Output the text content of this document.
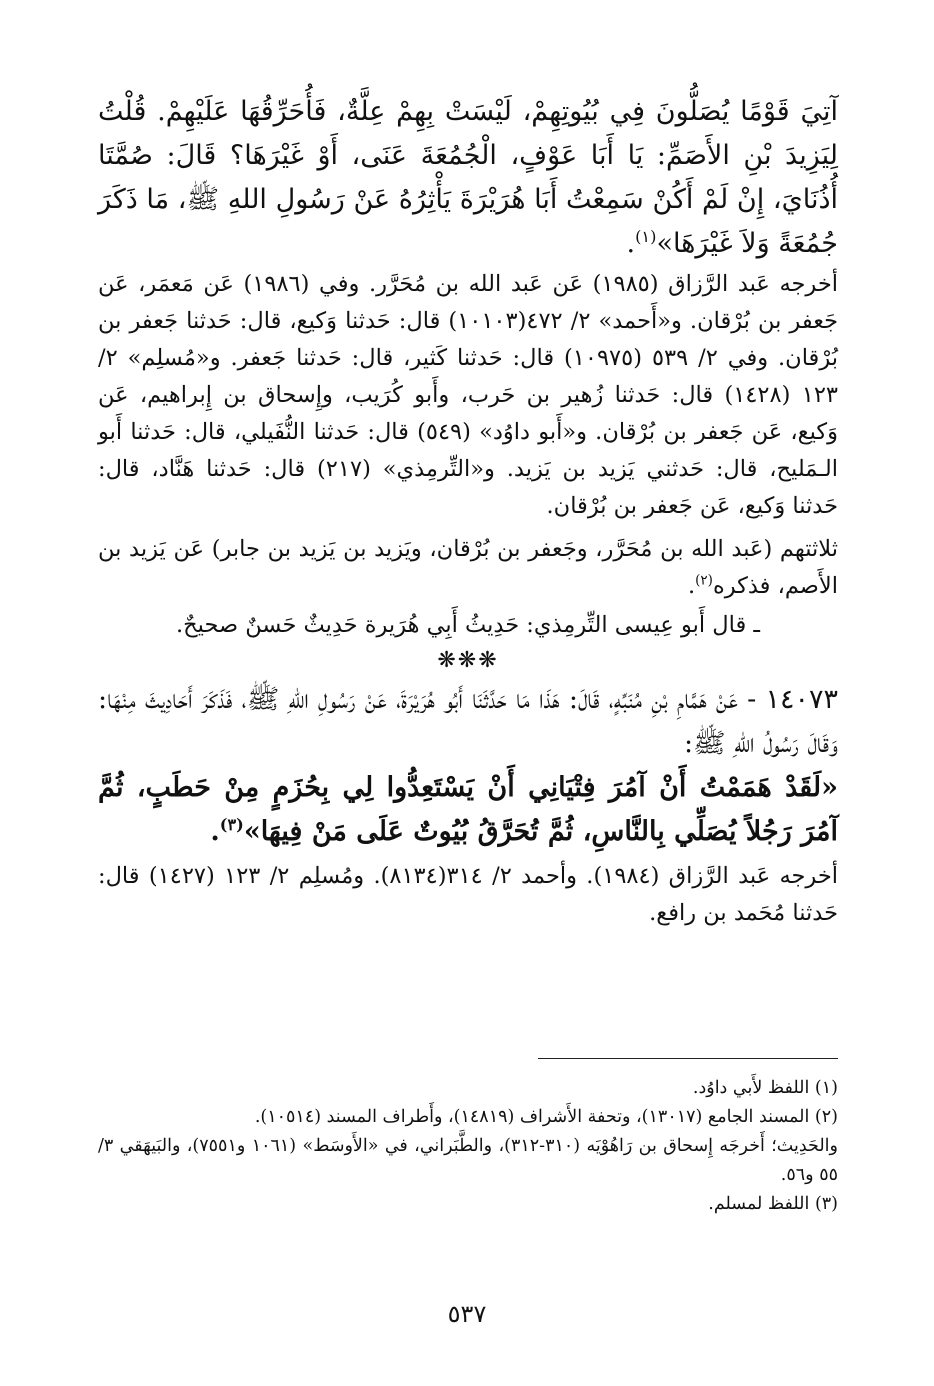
آتِيَ قَوْمًا يُصَلُّونَ فِي بُيُوتِهِمْ، لَيْسَتْ بِهِمْ عِلَّةٌ، فَأُحَرِّقُهَا عَلَيْهِمْ. قُلْتُ لِيَزِيدَ بْنِ الأَصَمِّ: يَا أَبَا عَوْفٍ، الْجُمُعَةَ عَنَى، أَوْ غَيْرَهَا؟ قَالَ: صُمَّتَا أُذُنَايَ، إِنْ لَمْ أَكُنْ سَمِعْتُ أَبَا هُرَيْرَةَ يَأْثِرُهُ عَنْ رَسُولِ اللهِ ﷺ، مَا ذَكَرَ جُمُعَةً وَلاَ غَيْرَهَا»$^{(١)}$.

أخرجه عَبد الرَّزاق (١٩٨٥) عَن عَبد الله بن مُحَرَّر. وفي (١٩٨٦) عَن مَعمَر، عَن جَعفر بن بُرْقان. و«أَحمد» ٢/ ٤٧٢(١٠١٠٣) قال: حَدثنا وَكيع، قال: حَدثنا جَعفر بن بُرْقان. وفي ٢/ ٥٣٩ (١٠٩٧٥) قال: حَدثنا كَثير، قال: حَدثنا جَعفر. و«مُسلِم» ٢/ ١٢٣ (١٤٢٨) قال: حَدثنا زُهير بن حَرب، وأَبو كُرَيب، وإِسحاق بن إِبراهيم، عَن وَكيع، عَن جَعفر بن بُرْقان. و«أَبو داوُد» (٥٤٩) قال: حَدثنا النُّفَيلي، قال: حَدثنا أَبو الـمَليح، قال: حَدثني يَزيد بن يَزيد. و«التِّرمِذي» (٢١٧) قال: حَدثنا هَنَّاد، قال: حَدثنا وَكيع، عَن جَعفر بن بُرْقان.

ثلاثتهم (عَبد الله بن مُحَرَّر، وجَعفر بن بُرْقان، ويَزيد بن يَزيد بن جابر) عَن يَزيد بن الأَصم، فذكره$^{(٢)}$.

ـ قال أَبو عِيسى التِّرمِذي: حَدِيثُ أَبِي هُرَيرة حَدِيثٌ حَسنٌ صحيحٌ.

❋❋❋

١٤٠٧٣ - عَنْ هَمَّامِ بْنِ مُنَبِّهٍ، قَالَ: هَذَا مَا حَدَّثَنَا أَبُو هُرَيْرَةَ، عَنْ رَسُولِ اللهِ ﷺ، فَذَكَرَ أَحَادِيثَ مِنْهَا: وَقَالَ رَسُولُ اللهِ ﷺ:

«لَقَدْ هَمَمْتُ أَنْ آمُرَ فِتْيَانِي أَنْ يَسْتَعِدُّوا لِي بِحُزَمٍ مِنْ حَطَبٍ، ثُمَّ آمُرَ رَجُلاً يُصَلِّي بِالنَّاسِ، ثُمَّ تُحَرَّقُ بُيُوتٌ عَلَى مَنْ فِيهَا»$^{(٣)}$.

أخرجه عَبد الرَّزاق (١٩٨٤). وأحمد ٢/ ٣١٤(٨١٣٤). ومُسلِم ٢/ ١٢٣ (١٤٢٧) قال: حَدثنا مُحَمد بن رافع.

(١) اللفظ لأَبي داوُد.

(٢) المسند الجامع (١٣٠١٧)، وتحفة الأَشراف (١٤٨١٩)، وأَطراف المسند (١٠٥١٤).

والحَدِيث؛ أَخرجَه إِسحاق بن رَاهُوْيَه (٣١٠-٣١٢)، والطَّبَراني، في «الأَوسَط» (١٠٦١ و٧٥٥١)، والبَيهَقي ٣/ ٥٥ و٥٦.

(٣) اللفظ لمسلم.

٥٣٧
